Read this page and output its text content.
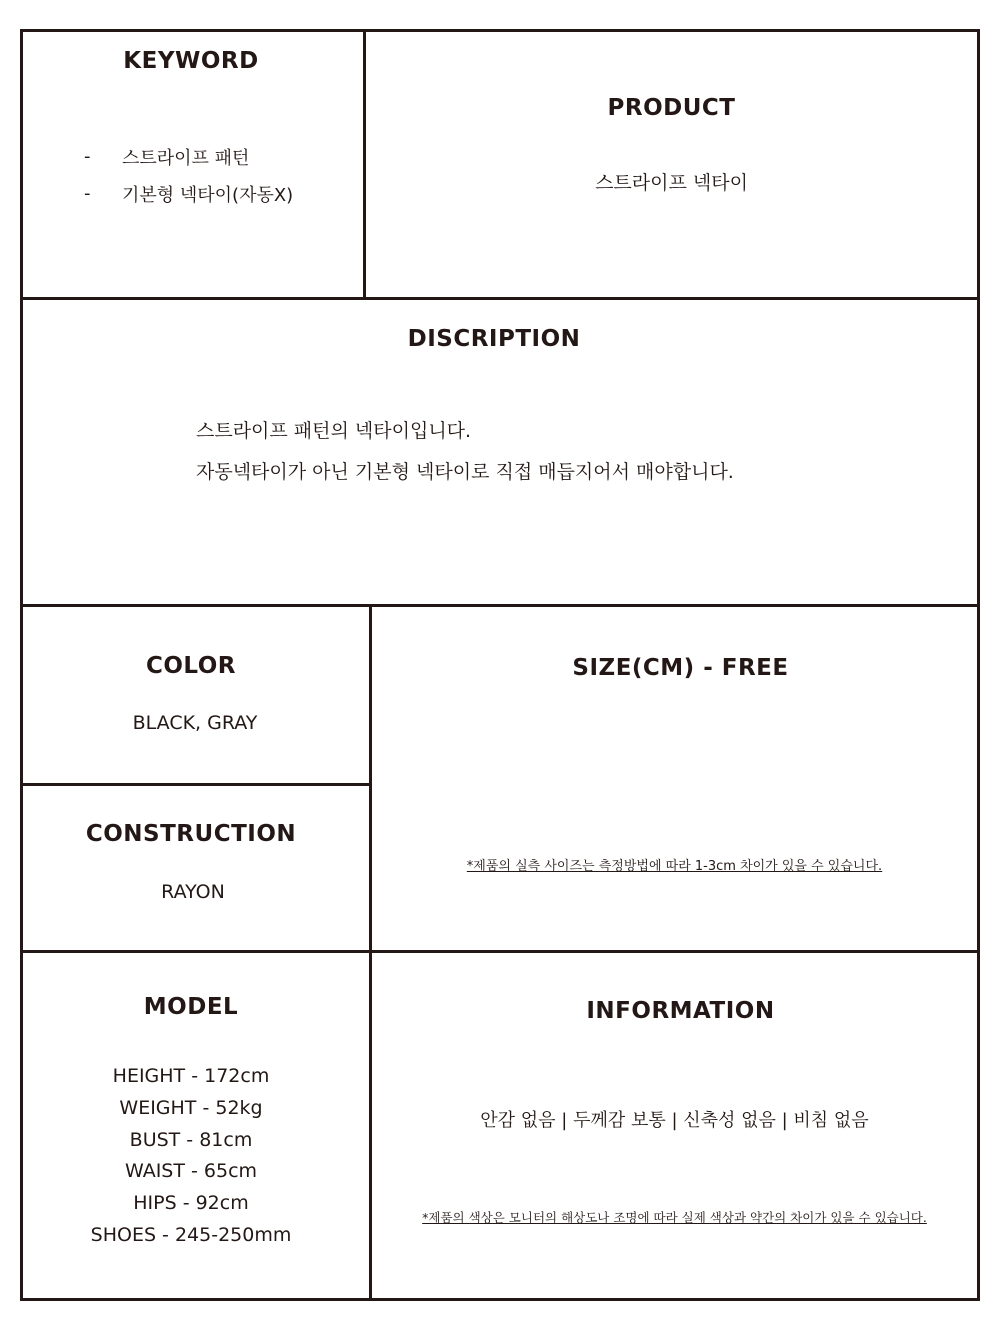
KEYWORD
-	스트라이프 패턴
-	기본형 넥타이(자동X)
PRODUCT
스트라이프 넥타이
DISCRIPTION
스트라이프 패턴의 넥타이입니다.
자동넥타이가 아닌 기본형 넥타이로 직접 매듭지어서 매야합니다.
COLOR
BLACK, GRAY
CONSTRUCTION
RAYON
SIZE(CM) - FREE
*제품의 실측 사이즈는 측정방법에 따라 1-3cm 차이가 있을 수 있습니다.
MODEL
HEIGHT - 172cm
WEIGHT - 52kg
BUST - 81cm
WAIST - 65cm
HIPS - 92cm
SHOES - 245-250mm
INFORMATION
안감 없음 | 두께감 보통 | 신축성 없음 | 비침 없음
*제품의 색상은 모니터의 해상도나 조명에 따라 실제 색상과 약간의 차이가 있을 수 있습니다.
